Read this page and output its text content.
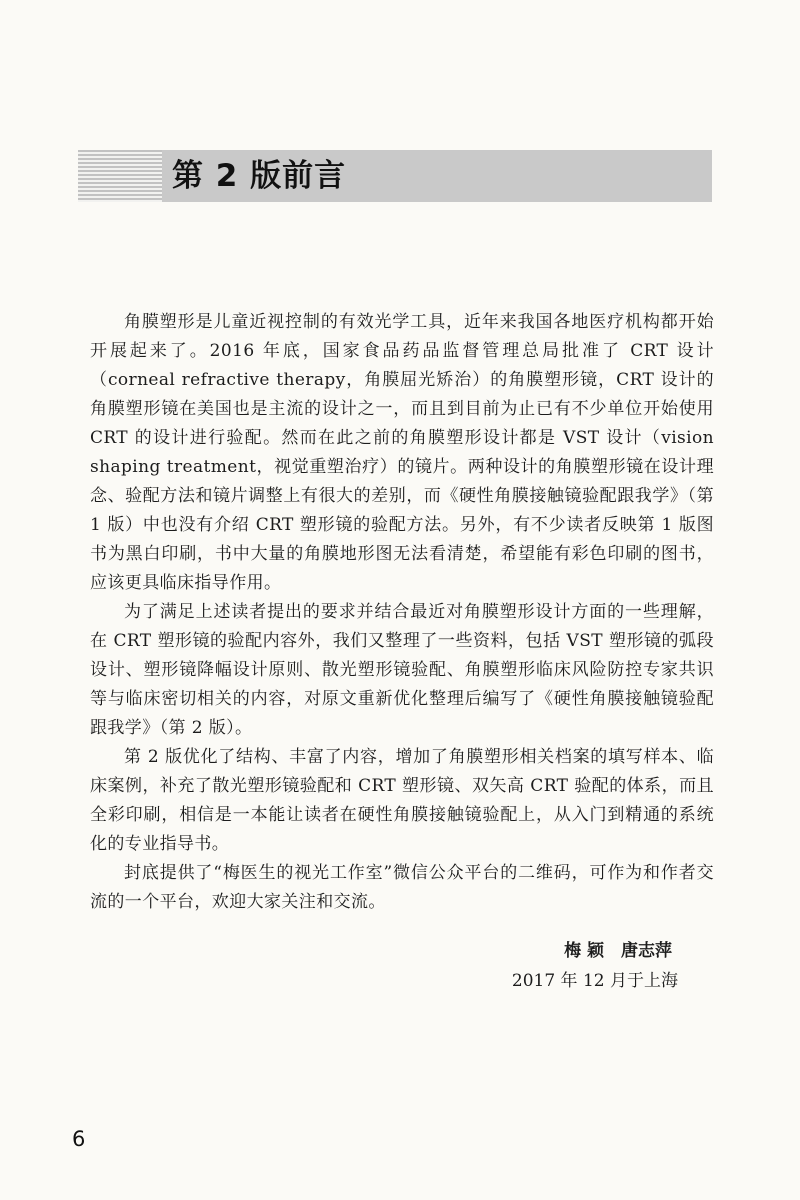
第 2 版前言

角膜塑形是儿童近视控制的有效光学工具，近年来我国各地医疗机构都开始开展起来了。2016 年底，国家食品药品监督管理总局批准了 CRT 设计（corneal refractive therapy，角膜屈光矫治）的角膜塑形镜，CRT 设计的角膜塑形镜在美国也是主流的设计之一，而且到目前为止已有不少单位开始使用 CRT 的设计进行验配。然而在此之前的角膜塑形设计都是 VST 设计（vision shaping treatment，视觉重塑治疗）的镜片。两种设计的角膜塑形镜在设计理念、验配方法和镜片调整上有很大的差别，而《硬性角膜接触镜验配跟我学》（第 1 版）中也没有介绍 CRT 塑形镜的验配方法。另外，有不少读者反映第 1 版图书为黑白印刷，书中大量的角膜地形图无法看清楚，希望能有彩色印刷的图书，应该更具临床指导作用。

为了满足上述读者提出的要求并结合最近对角膜塑形设计方面的一些理解，在 CRT 塑形镜的验配内容外，我们又整理了一些资料，包括 VST 塑形镜的弧段设计、塑形镜降幅设计原则、散光塑形镜验配、角膜塑形临床风险防控专家共识等与临床密切相关的内容，对原文重新优化整理后编写了《硬性角膜接触镜验配跟我学》（第 2 版）。

第 2 版优化了结构、丰富了内容，增加了角膜塑形相关档案的填写样本、临床案例，补充了散光塑形镜验配和 CRT 塑形镜、双矢高 CRT 验配的体系，而且全彩印刷，相信是一本能让读者在硬性角膜接触镜验配上，从入门到精通的系统化的专业指导书。

封底提供了“梅医生的视光工作室”微信公众平台的二维码，可作为和作者交流的一个平台，欢迎大家关注和交流。

梅 颖　唐志萍
2017 年 12 月于上海
6
